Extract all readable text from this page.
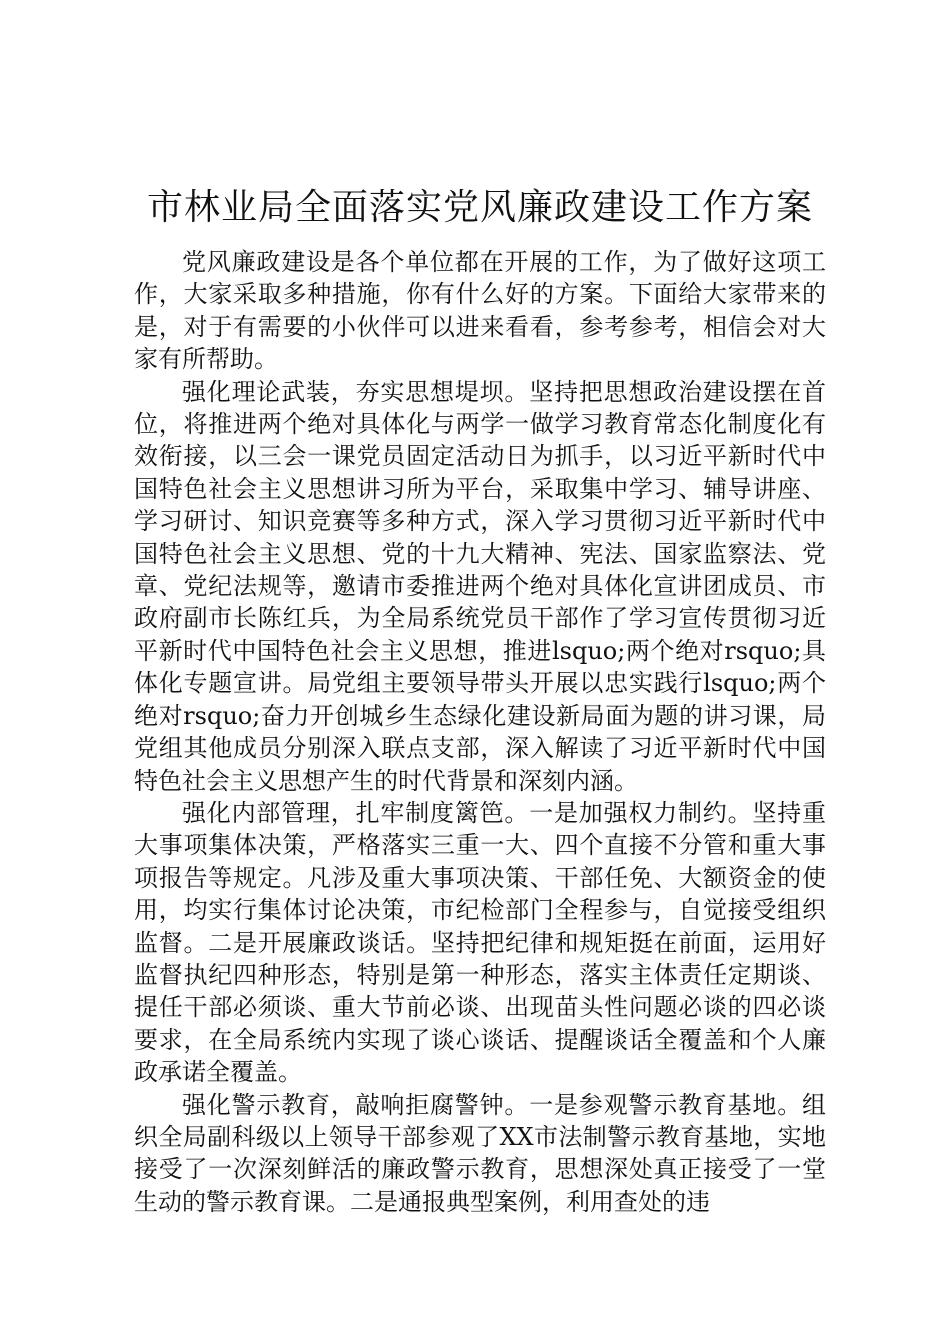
市林业局全面落实党风廉政建设工作方案

党风廉政建设是各个单位都在开展的工作，为了做好这项工作，大家采取多种措施，你有什么好的方案。下面给大家带来的是，对于有需要的小伙伴可以进来看看，参考参考，相信会对大家有所帮助。

强化理论武装，夯实思想堤坝。坚持把思想政治建设摆在首位，将推进两个绝对具体化与两学一做学习教育常态化制度化有效衔接，以三会一课党员固定活动日为抓手，以习近平新时代中国特色社会主义思想讲习所为平台，采取集中学习、辅导讲座、学习研讨、知识竞赛等多种方式，深入学习贯彻习近平新时代中国特色社会主义思想、党的十九大精神、宪法、国家监察法、党章、党纪法规等，邀请市委推进两个绝对具体化宣讲团成员、市政府副市长陈红兵，为全局系统党员干部作了学习宣传贯彻习近平新时代中国特色社会主义思想，推进lsquo;两个绝对rsquo;具体化专题宣讲。局党组主要领导带头开展以忠实践行lsquo;两个绝对rsquo;奋力开创城乡生态绿化建设新局面为题的讲习课，局党组其他成员分别深入联点支部，深入解读了习近平新时代中国特色社会主义思想产生的时代背景和深刻内涵。

强化内部管理，扎牢制度篱笆。一是加强权力制约。坚持重大事项集体决策，严格落实三重一大、四个直接不分管和重大事项报告等规定。凡涉及重大事项决策、干部任免、大额资金的使用，均实行集体讨论决策，市纪检部门全程参与，自觉接受组织监督。二是开展廉政谈话。坚持把纪律和规矩挺在前面，运用好监督执纪四种形态，特别是第一种形态，落实主体责任定期谈、提任干部必须谈、重大节前必谈、出现苗头性问题必谈的四必谈要求，在全局系统内实现了谈心谈话、提醒谈话全覆盖和个人廉政承诺全覆盖。

强化警示教育，敲响拒腐警钟。一是参观警示教育基地。组织全局副科级以上领导干部参观了XX市法制警示教育基地，实地接受了一次深刻鲜活的廉政警示教育，思想深处真正接受了一堂生动的警示教育课。二是通报典型案例，利用查处的违
